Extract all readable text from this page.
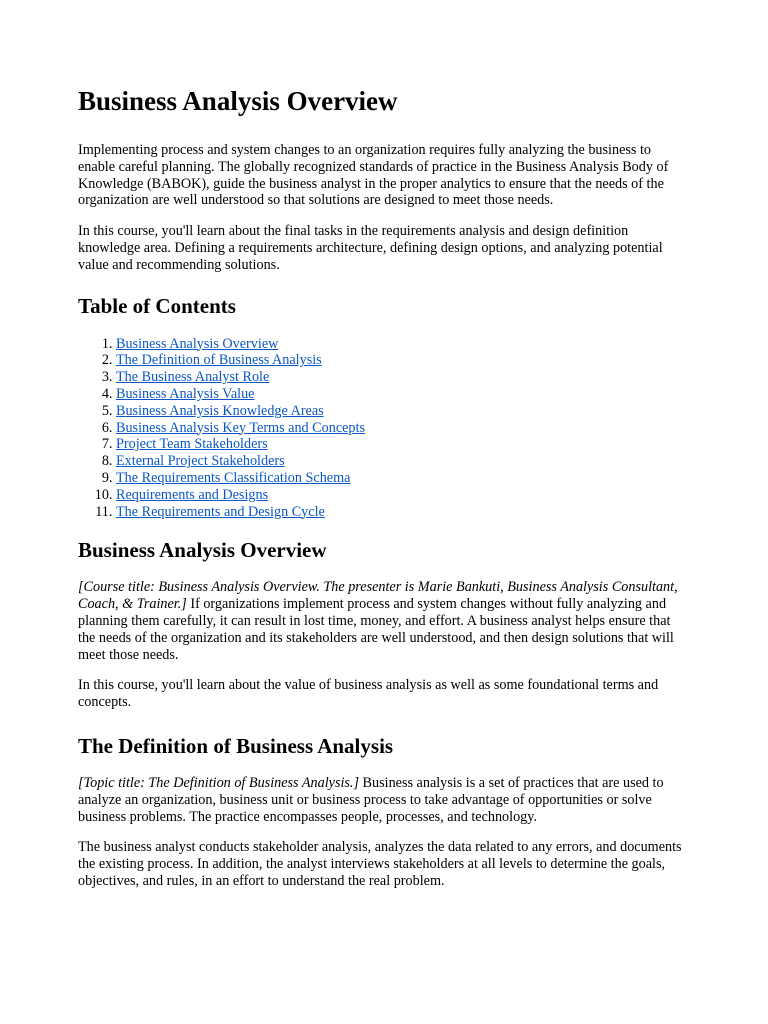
Business Analysis Overview

Implementing process and system changes to an organization requires fully analyzing the business to enable careful planning. The globally recognized standards of practice in the Business Analysis Body of Knowledge (BABOK), guide the business analyst in the proper analytics to ensure that the needs of the organization are well understood so that solutions are designed to meet those needs.

In this course, you'll learn about the final tasks in the requirements analysis and design definition knowledge area. Defining a requirements architecture, defining design options, and analyzing potential value and recommending solutions.

Table of Contents
1. Business Analysis Overview
2. The Definition of Business Analysis
3. The Business Analyst Role
4. Business Analysis Value
5. Business Analysis Knowledge Areas
6. Business Analysis Key Terms and Concepts
7. Project Team Stakeholders
8. External Project Stakeholders
9. The Requirements Classification Schema
10. Requirements and Designs
11. The Requirements and Design Cycle
Business Analysis Overview

[Course title: Business Analysis Overview. The presenter is Marie Bankuti, Business Analysis Consultant, Coach, & Trainer.] If organizations implement process and system changes without fully analyzing and planning them carefully, it can result in lost time, money, and effort. A business analyst helps ensure that the needs of the organization and its stakeholders are well understood, and then design solutions that will meet those needs.

In this course, you'll learn about the value of business analysis as well as some foundational terms and concepts.

The Definition of Business Analysis

[Topic title: The Definition of Business Analysis.] Business analysis is a set of practices that are used to analyze an organization, business unit or business process to take advantage of opportunities or solve business problems. The practice encompasses people, processes, and technology.

The business analyst conducts stakeholder analysis, analyzes the data related to any errors, and documents the existing process. In addition, the analyst interviews stakeholders at all levels to determine the goals, objectives, and rules, in an effort to understand the real problem.
